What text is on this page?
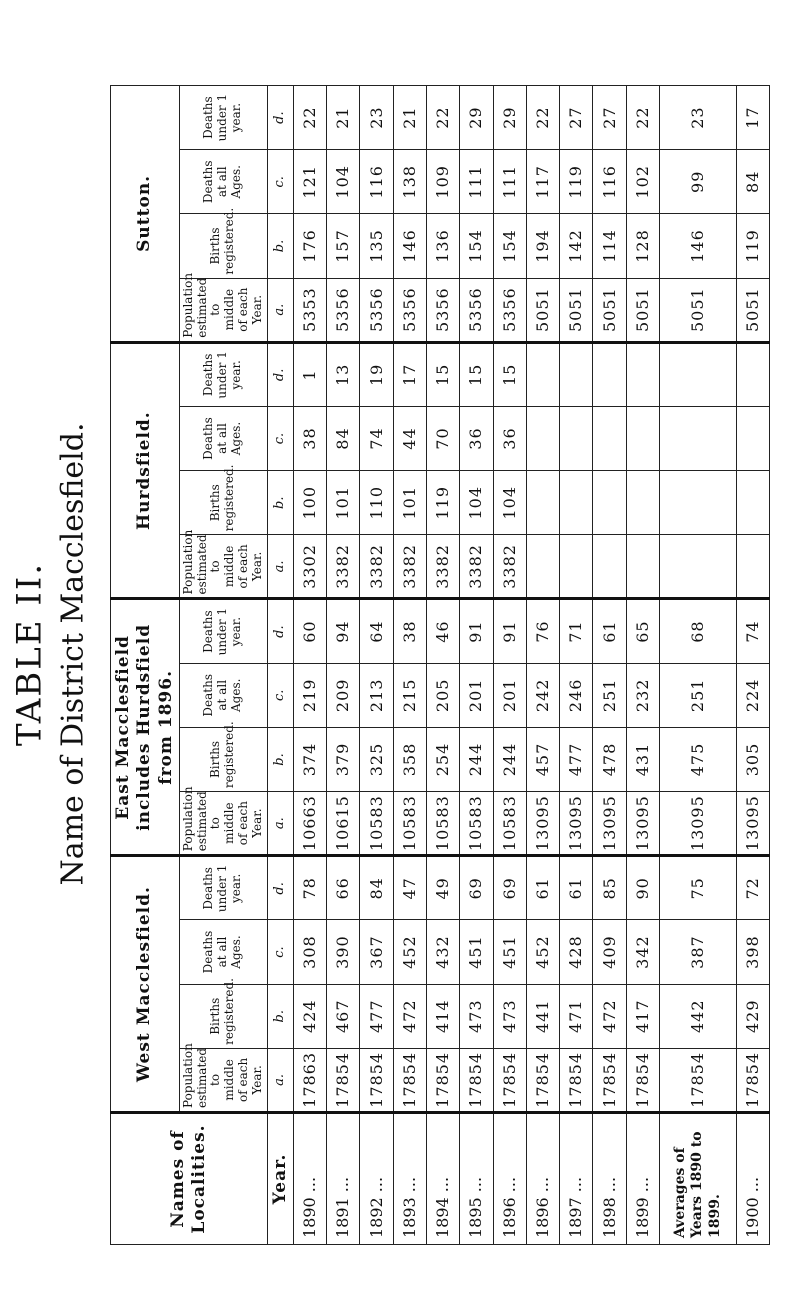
TABLE II. Name of District Macclesfield.
Names of Localities.	West Macclesfield.				East Macclesfield includes Hurdsfield from 1896.				Hurdsfield.				Sutton.			
	Population estimated to middle of each Year.	Births registered.	Deaths at all Ages.	Deaths under 1 year.	Population estimated to middle of each Year.	Births registered.	Deaths at all Ages.	Deaths under 1 year.	Population estimated to middle of each Year.	Births registered.	Deaths at all Ages.	Deaths under 1 year.	Population estimated to middle of each Year.	Births registered.	Deaths at all Ages.	Deaths under 1 year.
Year.	a.	b.	c.	d.	a.	b.	c.	d.	a.	b.	c.	d.	a.	b.	c.	d.
1890 ...	17863	424	308	78	10663	374	219	60	3302	100	38	1	5353	176	121	22
1891 ...	17854	467	390	66	10615	379	209	94	3382	101	84	13	5356	157	104	21
1892 ...	17854	477	367	84	10583	325	213	64	3382	110	74	19	5356	135	116	23
1893 ...	17854	472	452	47	10583	358	215	38	3382	101	44	17	5356	146	138	21
1894 ...	17854	414	432	49	10583	254	205	46	3382	119	70	15	5356	136	109	22
1895 ...	17854	473	451	69	10583	244	201	91	3382	104	36	15	5356	154	111	29
1896 ...	17854	473	451	69	10583	244	201	91	3382	104	36	15	5356	154	111	29
1896 ...	17854	441	452	61	13095	457	242	76					5051	194	117	22
1897 ...	17854	471	428	61	13095	477	246	71					5051	142	119	27
1898 ...	17854	472	409	85	13095	478	251	61					5051	114	116	27
1899 ...	17854	417	342	90	13095	431	232	65					5051	128	102	22
Averages of Years 1890 to 1899.	17854	442	387	75	13095	475	251	68					5051	146	99	23
1900 ...	17854	429	398	72	13095	305	224	74					5051	119	84	17
